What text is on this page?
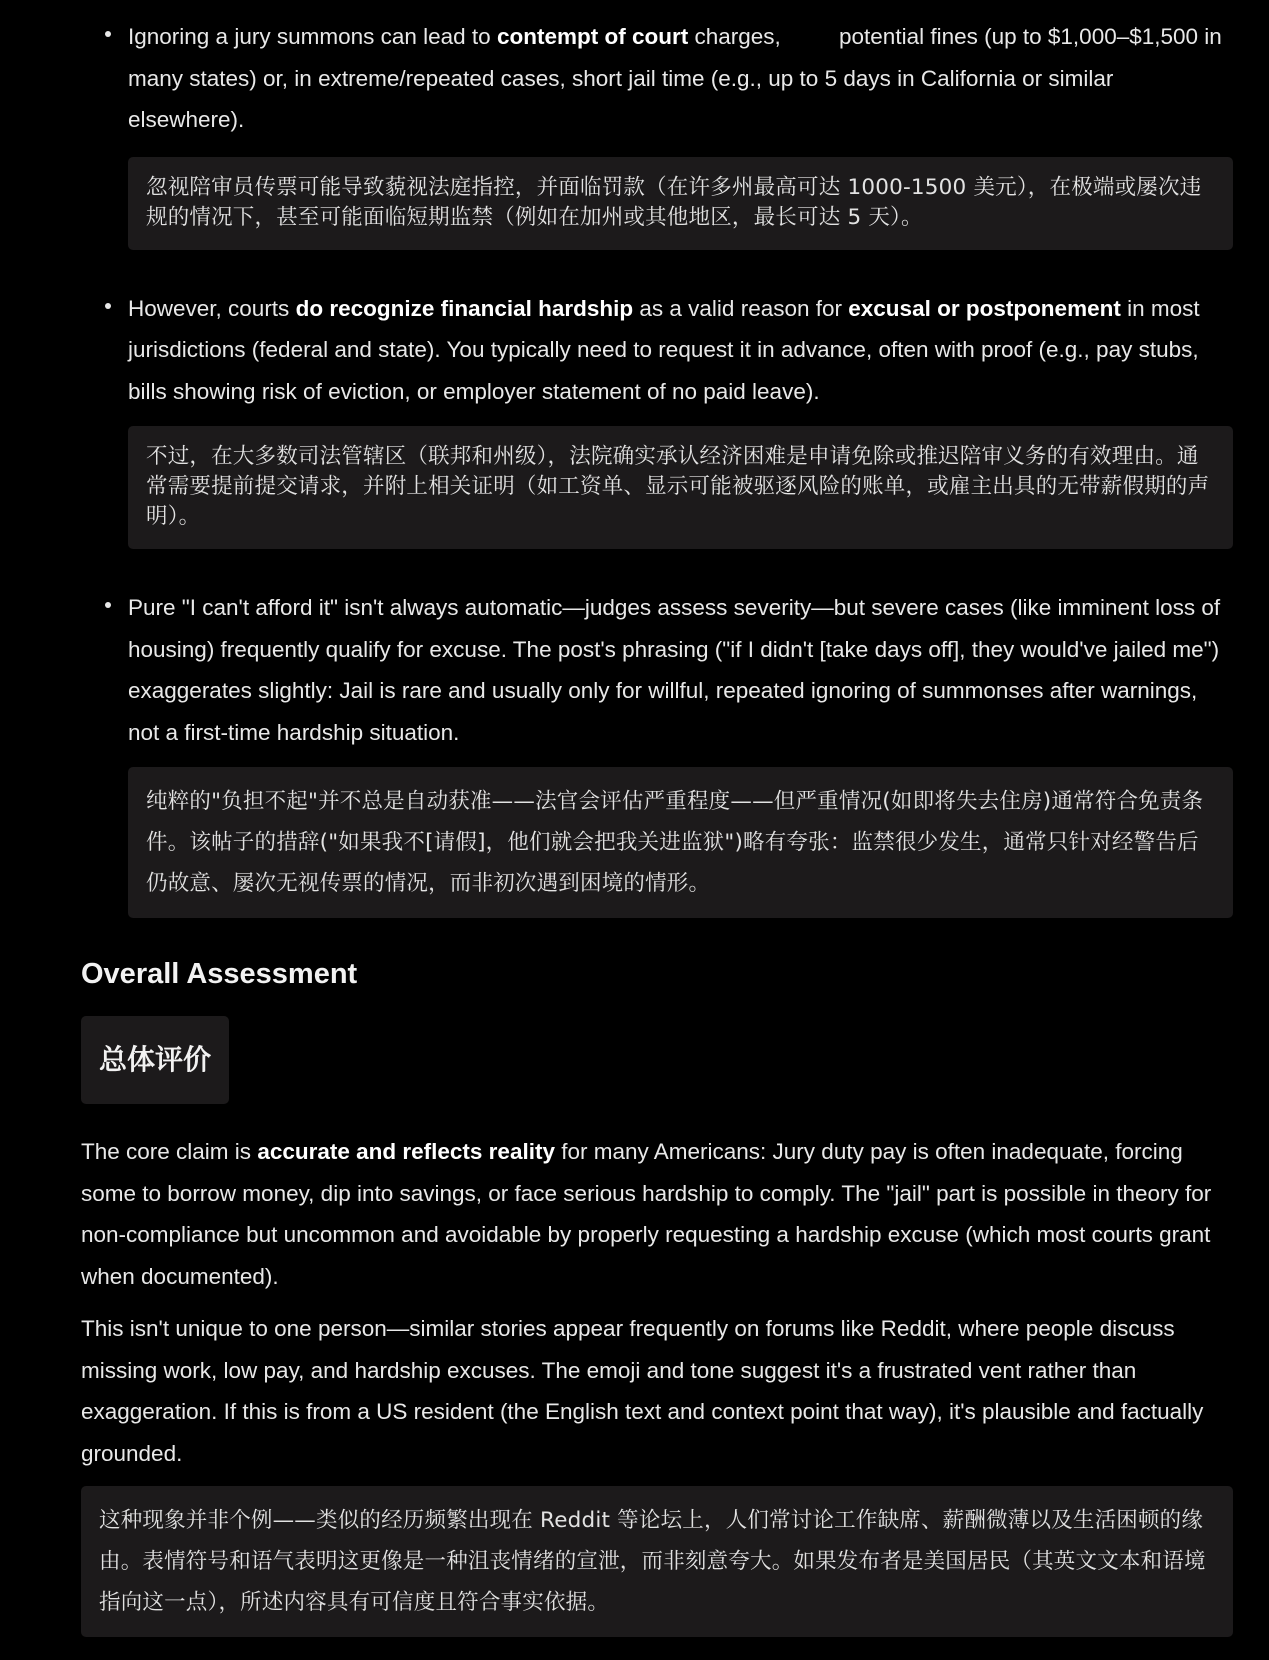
Ignoring a jury summons can lead to contempt of court charges, potential fines (up to $1,000–$1,500 in many states) or, in extreme/repeated cases, short jail time (e.g., up to 5 days in California or similar elsewhere).

忽视陪审员传票可能导致藐视法庭指控，并面临罚款（在许多州最高可达 1000-1500 美元），在极端或屡次违规的情况下，甚至可能面临短期监禁（例如在加州或其他地区，最长可达 5 天）。

However, courts do recognize financial hardship as a valid reason for excusal or postponement in most jurisdictions (federal and state). You typically need to request it in advance, often with proof (e.g., pay stubs, bills showing risk of eviction, or employer statement of no paid leave).

不过，在大多数司法管辖区（联邦和州级），法院确实承认经济困难是申请免除或推迟陪审义务的有效理由。通常需要提前提交请求，并附上相关证明（如工资单、显示可能被驱逐风险的账单，或雇主出具的无带薪假期的声明）。

Pure "I can't afford it" isn't always automatic—judges assess severity—but severe cases (like imminent loss of housing) frequently qualify for excuse. The post's phrasing ("if I didn't [take days off], they would've jailed me") exaggerates slightly: Jail is rare and usually only for willful, repeated ignoring of summonses after warnings, not a first-time hardship situation.

纯粹的"负担不起"并不总是自动获准——法官会评估严重程度——但严重情况(如即将失去住房)通常符合免责条件。该帖子的措辞("如果我不[请假]，他们就会把我关进监狱")略有夸张：监禁很少发生，通常只针对经警告后仍故意、屡次无视传票的情况，而非初次遇到困境的情形。
Overall Assessment
总体评价

The core claim is accurate and reflects reality for many Americans: Jury duty pay is often inadequate, forcing some to borrow money, dip into savings, or face serious hardship to comply. The "jail" part is possible in theory for non-compliance but uncommon and avoidable by properly requesting a hardship excuse (which most courts grant when documented).

This isn't unique to one person—similar stories appear frequently on forums like Reddit, where people discuss missing work, low pay, and hardship excuses. The emoji and tone suggest it's a frustrated vent rather than exaggeration. If this is from a US resident (the English text and context point that way), it's plausible and factually grounded.

这种现象并非个例——类似的经历频繁出现在 Reddit 等论坛上，人们常讨论工作缺席、薪酬微薄以及生活困顿的缘由。表情符号和语气表明这更像是一种沮丧情绪的宣泄，而非刻意夸大。如果发布者是美国居民（其英文文本和语境指向这一点），所述内容具有可信度且符合事实依据。
